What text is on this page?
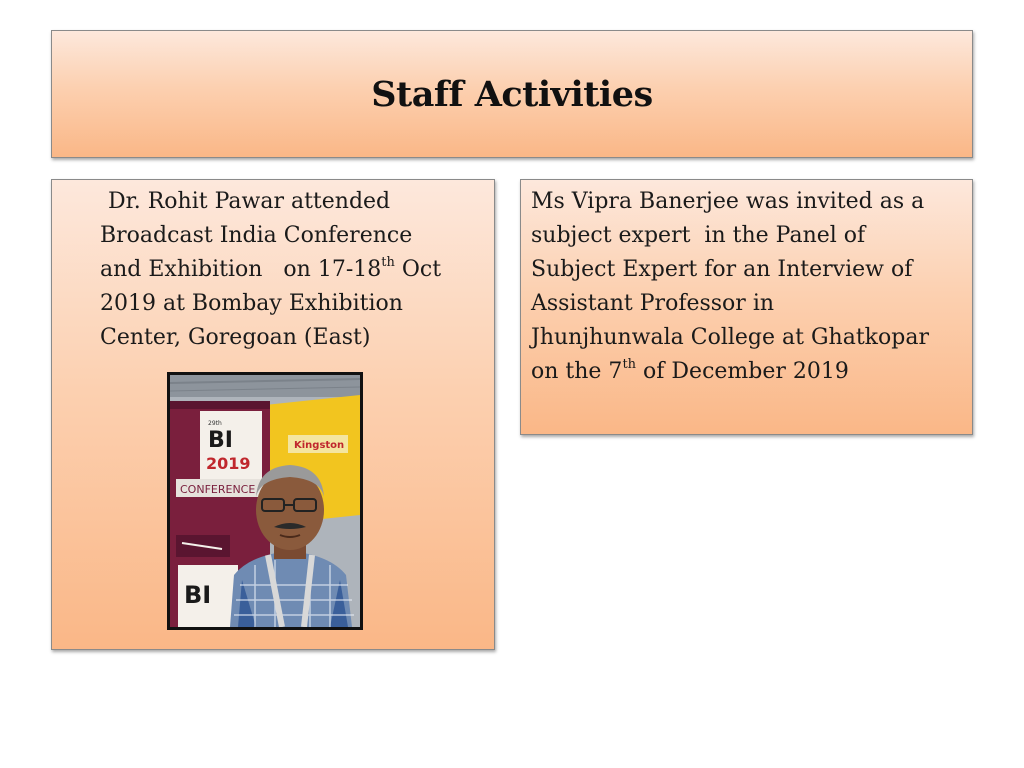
Staff Activities
Dr. Rohit Pawar attended
Broadcast India Conference
and Exhibition   on 17-18th Oct
2019 at Bombay Exhibition
Center, Goregoan (East)
29th
BI
2019
Kingston
CONFERENCE
BI
Ms Vipra Banerjee was invited as a
subject expert  in the Panel of
Subject Expert for an Interview of
Assistant Professor in
Jhunjhunwala College at Ghatkopar
on the 7th of December 2019
